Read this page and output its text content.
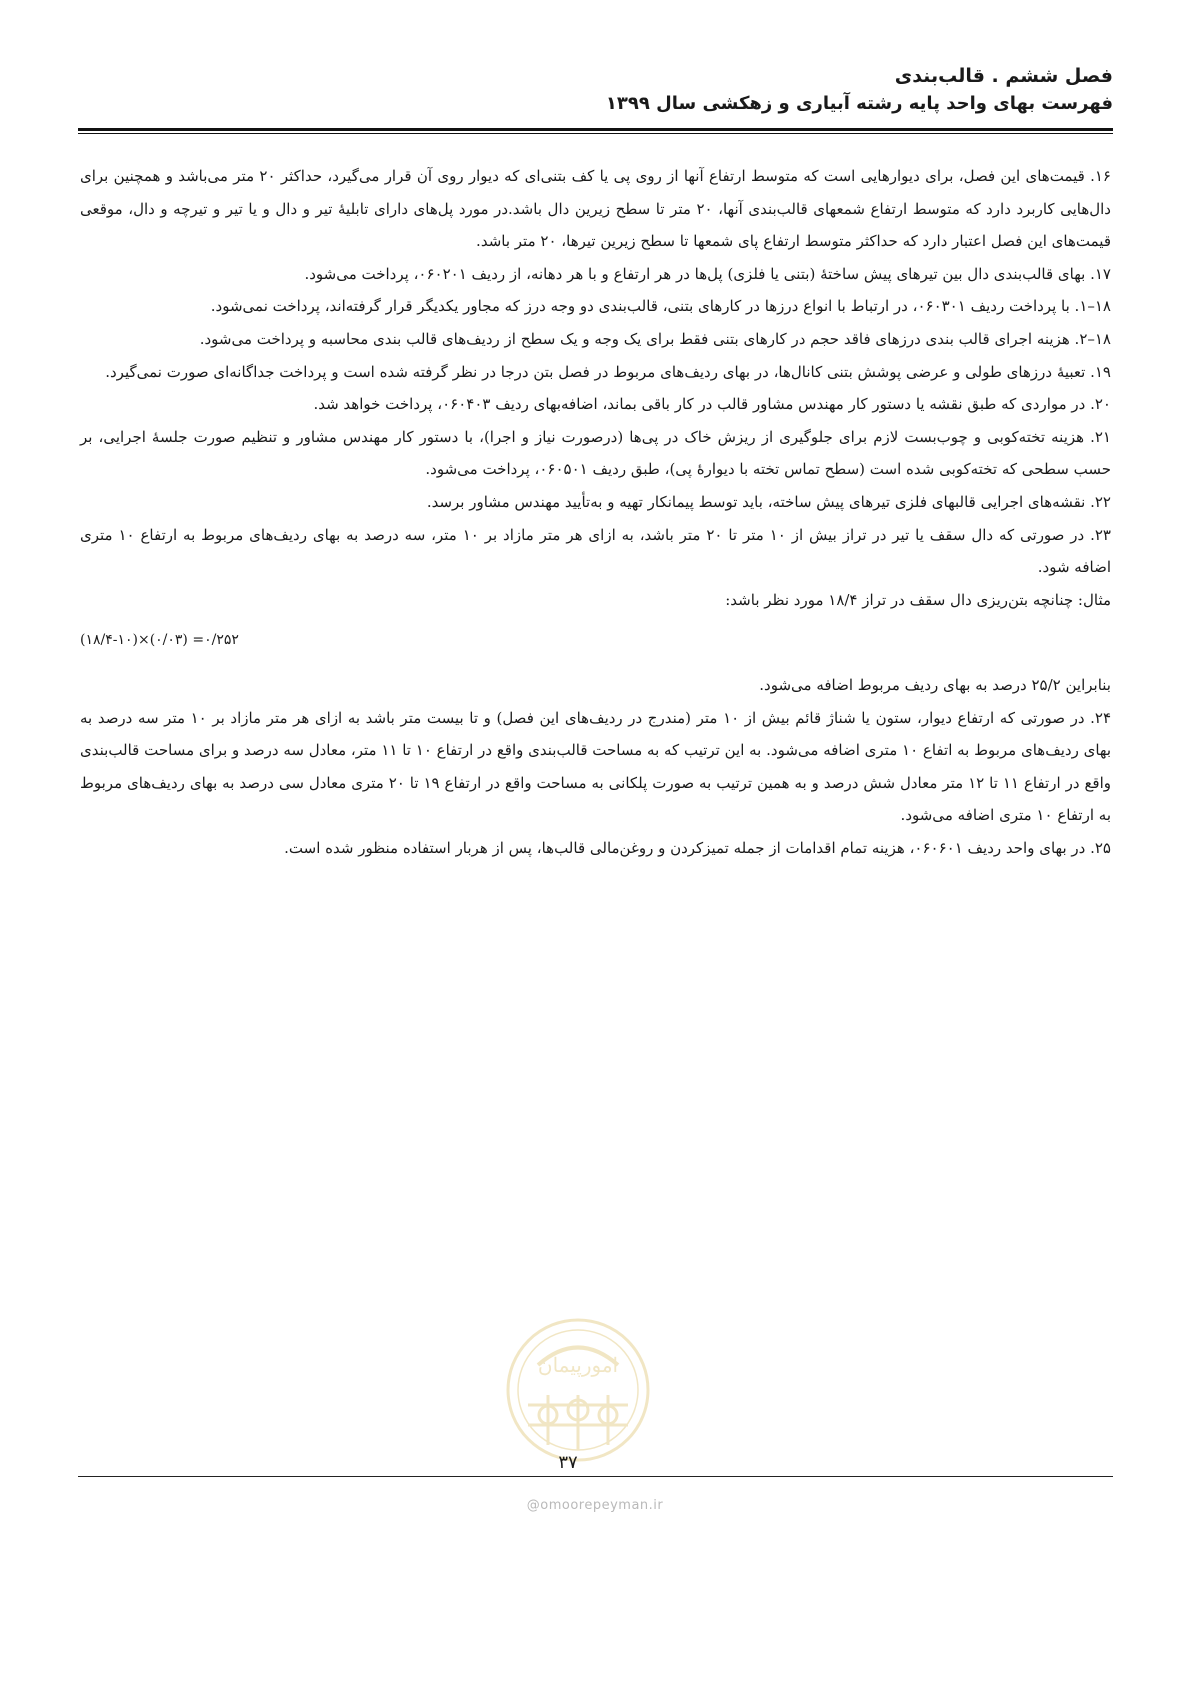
فصل ششم . قالب‌بندی
فهرست بهای واحد پایه رشته آبیاری و زهکشی سال ۱۳۹۹

۱۶. قیمت‌های این فصل، برای دیوارهایی است که متوسط ارتفاع آنها از روی پی یا کف بتنی‌ای که دیوار روی آن قرار می‌گیرد، حداکثر ۲۰ متر می‌باشد و همچنین برای دال‌هایی کاربرد دارد که متوسط ارتفاع شمعهای قالب‌بندی آنها، ۲۰ متر تا سطح زیرین دال باشد.در مورد پل‌های دارای تابلیهٔ تیر و دال و یا تیر و تیرچه و دال، موقعی قیمت‌های این فصل اعتبار دارد که حداکثر متوسط ارتفاع پای شمعها تا سطح زیرین تیرها، ۲۰ متر باشد.

۱۷. بهای قالب‌بندی دال بین تیرهای پیش ساختهٔ (بتنی یا فلزی) پل‌ها در هر ارتفاع و با هر دهانه، از ردیف ۰۶۰۲۰۱، پرداخت می‌شود.

۱۸–۱. با پرداخت ردیف ۰۶۰۳۰۱، در ارتباط با انواع درزها در کارهای بتنی، قالب‌بندی دو وجه درز که مجاور یکدیگر قرار گرفته‌اند، پرداخت نمی‌شود.

۱۸–۲. هزینه اجرای قالب بندی درزهای فاقد حجم در کارهای بتنی فقط برای یک وجه و یک سطح از ردیف‌های قالب بندی محاسبه و پرداخت می‌شود.

۱۹. تعبیهٔ درزهای طولی و عرضی پوشش بتنی کانال‌ها، در بهای ردیف‌های مربوط در فصل بتن درجا در نظر گرفته شده است و پرداخت جداگانه‌ای صورت نمی‌گیرد.

۲۰. در مواردی که طبق نقشه یا دستور کار مهندس مشاور قالب در کار باقی بماند، اضافه‌بهای ردیف ۰۶۰۴۰۳، پرداخت خواهد شد.

۲۱. هزینه تخته‌کوبی و چوب‌بست لازم برای جلوگیری از ریزش خاک در پی‌ها (درصورت نیاز و اجرا)، با دستور کار مهندس مشاور و تنظیم صورت جلسهٔ اجرایی، بر حسب سطحی که تخته‌کوبی شده است (سطح تماس تخته با دیوارهٔ پی)، طبق ردیف ۰۶۰۵۰۱، پرداخت می‌شود.

۲۲. نقشه‌های اجرایی قالبهای فلزی تیرهای پیش ساخته، باید توسط پیمانکار تهیه و به‌تأیید مهندس مشاور برسد.

۲۳. در صورتی که دال سقف یا تیر در تراز بیش از ۱۰ متر تا ۲۰ متر باشد، به ازای هر متر مازاد بر ۱۰ متر، سه درصد به بهای ردیف‌های مربوط به ارتفاع ۱۰ متری اضافه شود.

مثال: چنانچه بتن‌ریزی دال سقف در تراز ۱۸/۴ مورد نظر باشد:

(۱۸/۴-۱۰)×(۰/۰۳) =۰/۲۵۲

بنابراین ۲۵/۲ درصد به بهای ردیف مربوط اضافه می‌شود.

۲۴. در صورتی که ارتفاع دیوار، ستون یا شناژ قائم بیش از ۱۰ متر (مندرج در ردیف‌های این فصل) و تا بیست متر باشد به ازای هر متر مازاد بر ۱۰ متر سه درصد به بهای ردیف‌های مربوط به اتفاع ۱۰ متری اضافه می‌شود. به این ترتیب که به مساحت قالب‌بندی واقع در ارتفاع ۱۰ تا ۱۱ متر، معادل سه درصد و برای مساحت قالب‌بندی واقع در ارتفاع ۱۱ تا ۱۲ متر معادل شش درصد و به همین ترتیب به صورت پلکانی به مساحت واقع در ارتفاع ۱۹ تا ۲۰ متری معادل سی درصد به بهای ردیف‌های مربوط به ارتفاع ۱۰ متری اضافه می‌شود.

۲۵. در بهای واحد ردیف ۰۶۰۶۰۱، هزینه تمام اقدامات از جمله تمیزکردن و روغن‌مالی قالب‌ها، پس از هربار استفاده منظور شده است.

امورپیمان
۳۷
@omoorepeyman.ir
